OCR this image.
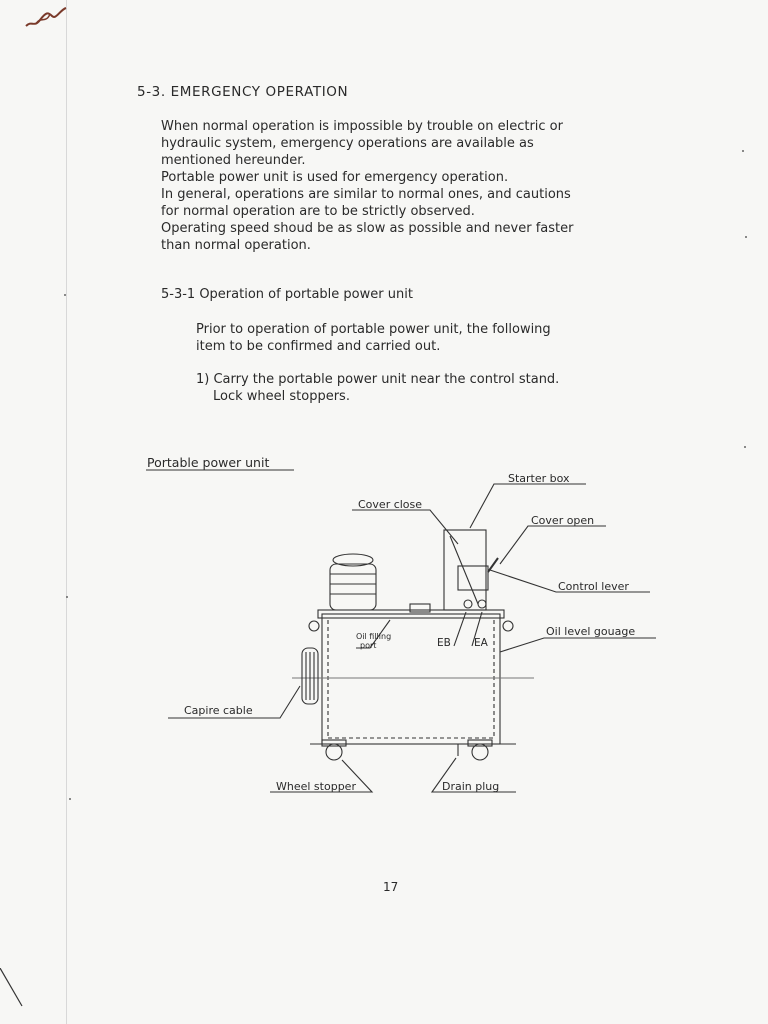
5-3. EMERGENCY OPERATION
When normal operation is impossible by trouble on electric or
hydraulic system, emergency operations are available as
mentioned hereunder.
Portable power unit is used for emergency operation.
In general, operations are similar to normal ones, and cautions
for normal operation are to be strictly observed.
Operating speed shoud be as slow as possible and never faster
than normal operation.
5-3-1 Operation of portable power unit
Prior to operation of portable power unit, the following
item to be confirmed and carried out.
1) Carry the portable power unit near the control stand.
Lock wheel stoppers.
Portable power unit
Starter box
Cover close
Cover open
Control lever
Oil level gouage
Oil filling
port	EB EA
Capire cable
Wheel stopper	Drain plug
17
